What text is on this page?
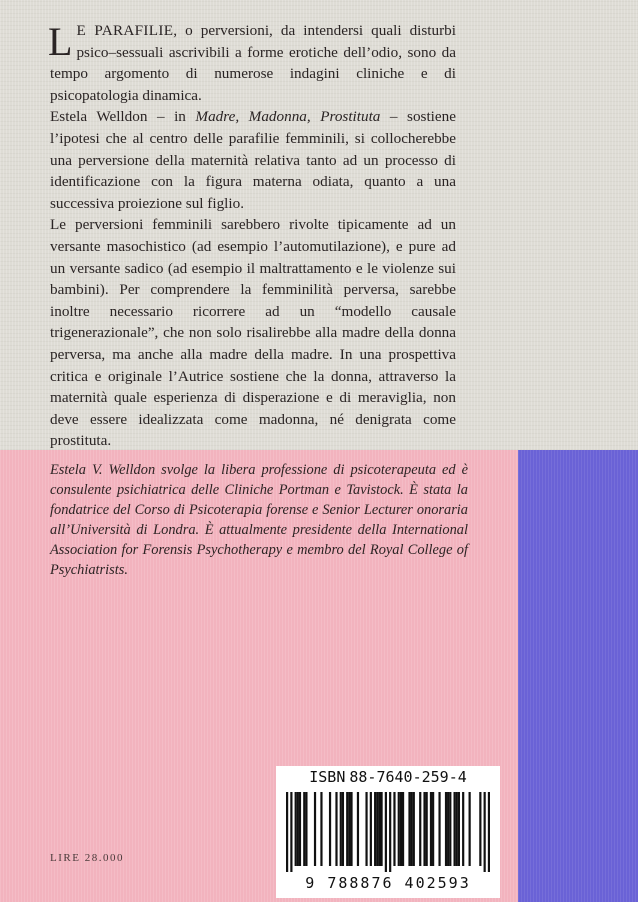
L E PARAFILIE, o perversioni, da intendersi quali disturbi psico–sessuali ascrivibili a forme erotiche dell’odio, sono da tempo argomento di numerose indagini cliniche e di psicopatologia dinamica.

Estela Welldon – in Madre, Madonna, Prostituta – sostiene l’ipotesi che al centro delle parafilie femminili, si collocherebbe una perversione della maternità relativa tanto ad un processo di identificazione con la figura materna odiata, quanto a una successiva proiezione sul figlio.

Le perversioni femminili sarebbero rivolte tipicamente ad un versante masochistico (ad esempio l’automutilazione), e pure ad un versante sadico (ad esempio il maltrattamento e le violenze sui bambini). Per comprendere la femminilità perversa, sarebbe inoltre necessario ricorrere ad un “modello causale trigenerazionale”, che non solo risalirebbe alla madre della donna perversa, ma anche alla madre della madre. In una prospettiva critica e originale l’Autrice sostiene che la donna, attraverso la maternità quale esperienza di disperazione e di meraviglia, non deve essere idealizzata come madonna, né denigrata come prostituta.

Estela V. Welldon svolge la libera professione di psicoterapeuta ed è consulente psichiatrica delle Cliniche Portman e Tavistock. È stata la fondatrice del Corso di Psicoterapia forense e Senior Lecturer onoraria all’Università di Londra. È attualmente presidente della International Association for Forensis Psychotherapy e membro del Royal College of Psychiatrists.

LIRE 28.000
ISBN 88-7640-259-4
9 788876 402593
